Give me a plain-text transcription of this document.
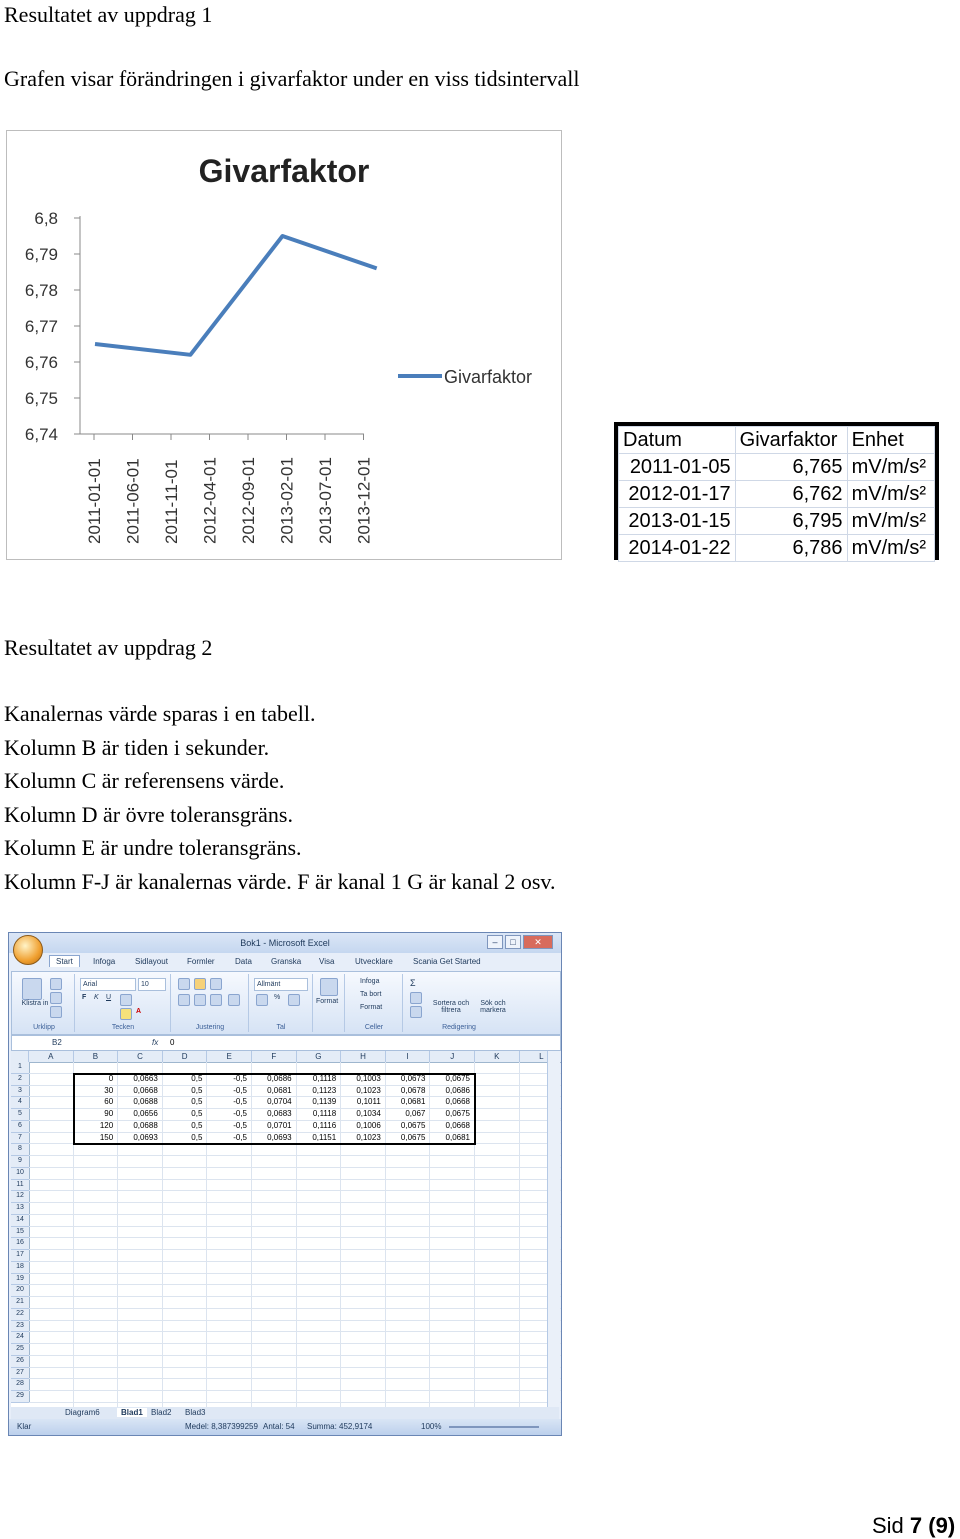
Resultatet av uppdrag 1
Grafen visar förändringen i givarfaktor under en viss tidsintervall
Givarfaktor
6,74
6,75
6,76
6,77
6,78
6,79
6,8
2011-01-01 2011-06-01 2011-11-01 2012-04-01 2012-09-01 2013-02-01 2013-07-01 2013-12-01
Givarfaktor
Datum	Givarfaktor	Enhet
2011-01-05	6,765	mV/m/s²
2012-01-17	6,762	mV/m/s²
2013-01-15	6,795	mV/m/s²
2014-01-22	6,786	mV/m/s²
Resultatet av uppdrag 2
Kanalernas värde sparas i en tabell.
Kolumn B är tiden i sekunder.
Kolumn C är referensens värde.
Kolumn D är övre toleransgräns.
Kolumn E är undre toleransgräns.
Kolumn F-J är kanalernas värde. F är kanal 1 G är kanal 2 osv.
Bok1 - Microsoft Excel	–	□	✕
Start	Infoga Sidlayout Formler	Data Granska Visa	Utvecklare	Scania Get Started
Klistra in
Urklipp
Arial	10
F K U
A
Tecken	Justering
Allmänt
%
Tal
Format
Infoga
Ta bort
Format
Celler
Σ
Sortera och filtrera
Sök och markera
Redigering
B2	fx 0
A	B	C	D	E	F	G	H	I	J	K	L
1
2
3
4
5
6
7
8
9
10
11
12
13
14
15
16
17
18
19
20
21
22
23
24
25
26
27
28
29
0	0,0663	0,5	-0,5	0,0686	0,1118	0,1003	0,0673	0,0675
30	0,0668	0,5	-0,5	0,0681	0,1123	0,1023	0,0678	0,0686
60	0,0688	0,5	-0,5	0,0704	0,1139	0,1011	0,0681	0,0668
90	0,0656	0,5	-0,5	0,0683	0,1118	0,1034	0,067	0,0675
120	0,0688	0,5	-0,5	0,0701	0,1116	0,1006	0,0675	0,0668
150	0,0693	0,5	-0,5	0,0693	0,1151	0,1023	0,0675	0,0681
Diagram6	Blad1	Blad2 Blad3
Klar	Medel: 8,387399259 Antal: 54 Summa: 452,9174	100%
Sid 7 (9)
